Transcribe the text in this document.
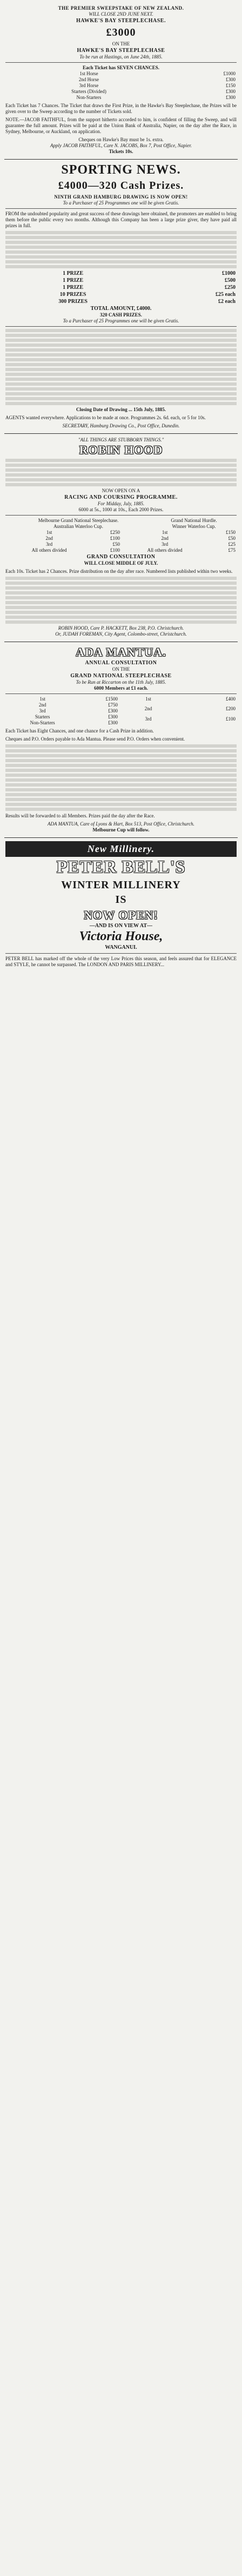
THE PREMIER SWEEPSTAKE OF NEW ZEALAND.
WILL CLOSE 2ND JUNE NEXT.
HAWKE'S BAY STEEPLECHASE.
£3000
ON THE
HAWKE'S BAY STEEPLECHASE
To be run at Hastings, on June 24th, 1885.
Each Ticket has SEVEN CHANCES.
1st Horse	£1000
2nd Horse	£300
3rd Horse	£150
Starters (Divided)	£300
Non-Starters	£300
Each Ticket has 7 Chances. The Ticket that draws the First Prize, in the Hawke's Bay Steeplechase, the Prizes will be given over to the Sweep according to the number of Tickets sold.
NOTE.—JACOB FAITHFUL, from the support hitherto accorded to him, is confident of filling the Sweep, and will guarantee the full amount. Prizes will be paid at the Union Bank of Australia, Napier, on the day after the Race, in Sydney, Melbourne, or Auckland, on application.
Cheques on Hawke's Bay must be 1s. extra.
Apply JACOB FAITHFUL, Care N. JACOBS, Box 7, Post Office, Napier.
Tickets 10s.
SPORTING NEWS.
£4000—320 Cash Prizes.
NINTH GRAND HAMBURG DRAWING IS NOW OPEN!
To a Purchaser of 25 Programmes one will be given Gratis.
FROM the undoubted popularity and great success of these drawings here obtained, the promoters are enabled to bring them before the public every two months. Although this Company has been a large prize giver, they have paid all prizes in full.
1 PRIZE	£1000
1 PRIZE	£500
1 PRIZE	£250
10 PRIZES	£25 each
300 PRIZES	£2 each
TOTAL AMOUNT, £4000.
320 CASH PRIZES.
To a Purchaser of 25 Programmes one will be given Gratis.
Closing Date of Drawing ... 15th July, 1885.
AGENTS wanted everywhere. Applications to be made at once. Programmes 2s. 6d. each, or 5 for 10s.
SECRETARY, Hamburg Drawing Co., Post Office, Dunedin.
"ALL THINGS ARE STUBBORN THINGS."
ROBIN HOOD
NOW OPEN ON A
RACING AND COURSING PROGRAMME.
For Midday, July, 1885.
6000 at 5s., 1000 at 10s., Each 2000 Prizes.
Melbourne Grand National Steeplechase.	Grand National Hurdle.
Australian Waterloo Cup.	Winner Waterloo Cup.
1st	£250	1st	£150
2nd	£100	2nd	£50
3rd	£50	3rd	£25
All others divided	£100	All others divided	£75
GRAND CONSULTATION
WILL CLOSE MIDDLE OF JULY.
Each 10s. Ticket has 2 Chances. Prize distribution on the day after race. Numbered lists published within two weeks.
ROBIN HOOD, Care P. HACKETT, Box 238, P.O. Christchurch.
Or, JUDAH FOREMAN, City Agent, Colombo-street, Christchurch.
ADA MANTUA.
ANNUAL CONSULTATION
ON THE
GRAND NATIONAL STEEPLECHASE
To be Run at Riccarton on the 11th July, 1885.
6000 Members at £1 each.
1st	£1500
2nd	£750
3rd	£300
Starters	£300
Non-Starters	£300
1st	£400
2nd	£200
3rd	£100
Each Ticket has Eight Chances, and one chance for a Cash Prize in addition.
Cheques and P.O. Orders payable to Ada Mantua. Please send P.O. Orders when convenient.
Results will be forwarded to all Members. Prizes paid the day after the Race.
ADA MANTUA, Care of Lyons & Hart, Box 513, Post Office, Christchurch.
Melbourne Cup will follow.
New Millinery.
PETER BELL'S
WINTER MILLINERY
IS
NOW OPEN!
—AND IS ON VIEW AT—
Victoria House,
WANGANUI.
PETER BELL has marked off the whole of the very Low Prices this season, and feels assured that for ELEGANCE and STYLE, he cannot be surpassed. The LONDON AND PARIS MILLINERY...
